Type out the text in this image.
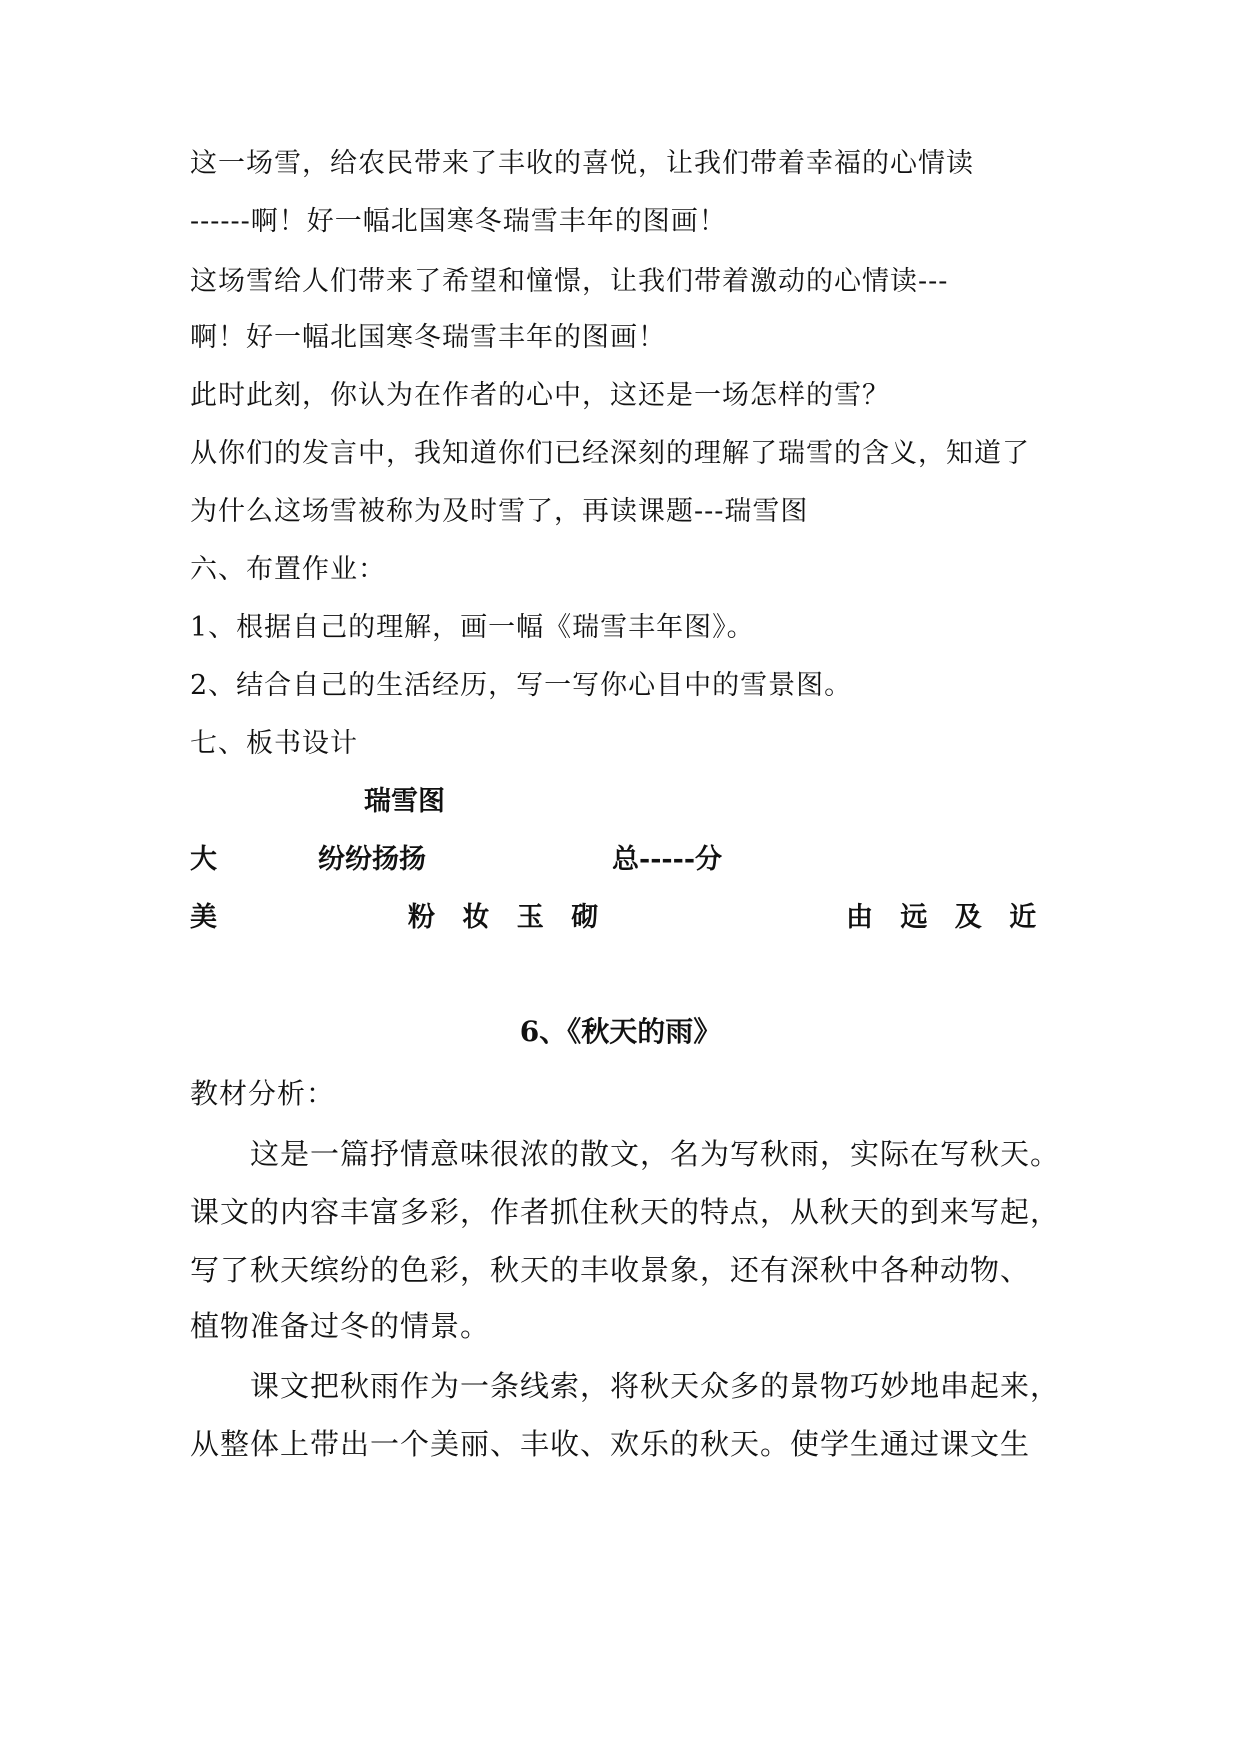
这一场雪，给农民带来了丰收的喜悦，让我们带着幸福的心情读
------啊！好一幅北国寒冬瑞雪丰年的图画！
这场雪给人们带来了希望和憧憬，让我们带着激动的心情读---
啊！好一幅北国寒冬瑞雪丰年的图画！
此时此刻，你认为在作者的心中，这还是一场怎样的雪？
从你们的发言中，我知道你们已经深刻的理解了瑞雪的含义，知道了
为什么这场雪被称为及时雪了，再读课题---瑞雪图
六、布置作业：
1、根据自己的理解，画一幅《瑞雪丰年图》。
2、结合自己的生活经历，写一写你心目中的雪景图。
七、板书设计
瑞雪图
大	纷纷扬扬	总-----分
美	粉 妆 玉 砌	由 远 及 近
6、《秋天的雨》
教材分析：
这是一篇抒情意味很浓的散文，名为写秋雨，实际在写秋天。
课文的内容丰富多彩，作者抓住秋天的特点，从秋天的到来写起，
写了秋天缤纷的色彩，秋天的丰收景象，还有深秋中各种动物、
植物准备过冬的情景。
课文把秋雨作为一条线索，将秋天众多的景物巧妙地串起来，
从整体上带出一个美丽、丰收、欢乐的秋天。使学生通过课文生
